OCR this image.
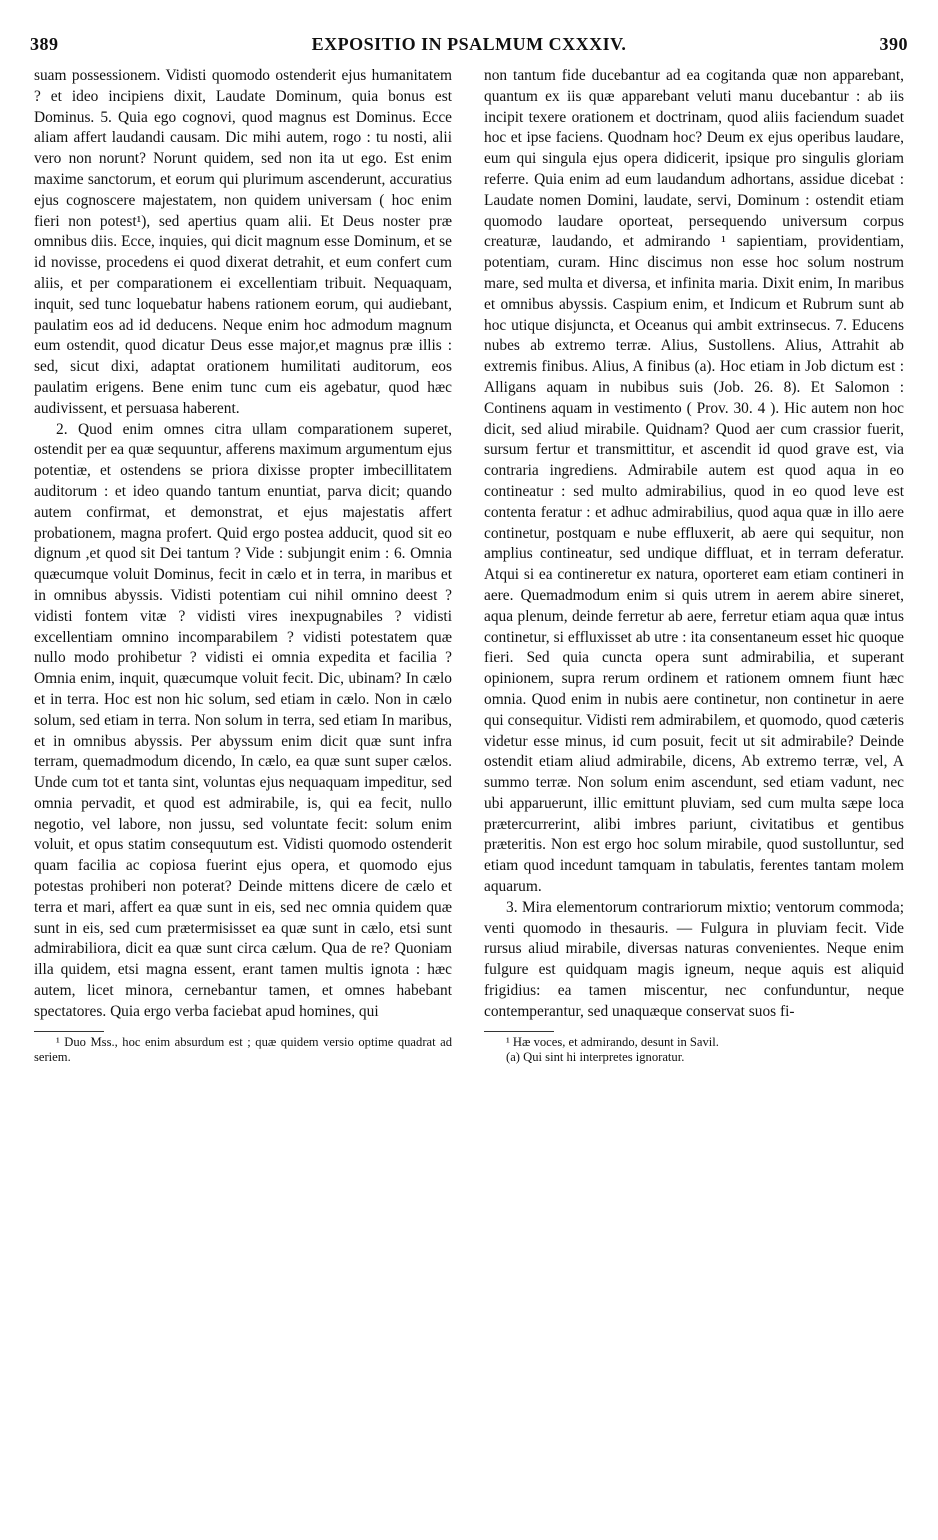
389	EXPOSITIO IN PSALMUM CXXXIV.	390

suam possessionem. Vidisti quomodo ostenderit ejus humanitatem ? et ideo incipiens dixit, Laudate Dominum, quia bonus est Dominus. 5. Quia ego cognovi, quod magnus est Dominus. Ecce aliam affert laudandi causam. Dic mihi autem, rogo : tu nosti, alii vero non norunt? Norunt quidem, sed non ita ut ego. Est enim maxime sanctorum, et eorum qui plurimum ascenderunt, accuratius ejus cognoscere majestatem, non quidem universam ( hoc enim fieri non potest¹), sed apertius quam alii. Et Deus noster præ omnibus diis. Ecce, inquies, qui dicit magnum esse Dominum, et se id novisse, procedens ei quod dixerat detrahit, et eum confert cum aliis, et per comparationem ei excellentiam tribuit. Nequaquam, inquit, sed tunc loquebatur habens rationem eorum, qui audiebant, paulatim eos ad id deducens. Neque enim hoc admodum magnum eum ostendit, quod dicatur Deus esse major,et magnus præ illis : sed, sicut dixi, adaptat orationem humilitati auditorum, eos paulatim erigens. Bene enim tunc cum eis agebatur, quod hæc audivissent, et persuasa haberent.

2. Quod enim omnes citra ullam comparationem superet, ostendit per ea quæ sequuntur, afferens maximum argumentum ejus potentiæ, et ostendens se priora dixisse propter imbecillitatem auditorum : et ideo quando tantum enuntiat, parva dicit; quando autem confirmat, et demonstrat, et ejus majestatis affert probationem, magna profert. Quid ergo postea adducit, quod sit eo dignum ,et quod sit Dei tantum ? Vide : subjungit enim : 6. Omnia quæcumque voluit Dominus, fecit in cælo et in terra, in maribus et in omnibus abyssis. Vidisti potentiam cui nihil omnino deest ? vidisti fontem vitæ ? vidisti vires inexpugnabiles ? vidisti excellentiam omnino incomparabilem ? vidisti potestatem quæ nullo modo prohibetur ? vidisti ei omnia expedita et facilia ? Omnia enim, inquit, quæcumque voluit fecit. Dic, ubinam? In cælo et in terra. Hoc est non hic solum, sed etiam in cælo. Non in cælo solum, sed etiam in terra. Non solum in terra, sed etiam In maribus, et in omnibus abyssis. Per abyssum enim dicit quæ sunt infra terram, quemadmodum dicendo, In cælo, ea quæ sunt super cælos. Unde cum tot et tanta sint, voluntas ejus nequaquam impeditur, sed omnia pervadit, et quod est admirabile, is, qui ea fecit, nullo negotio, vel labore, non jussu, sed voluntate fecit: solum enim voluit, et opus statim consequutum est. Vidisti quomodo ostenderit quam facilia ac copiosa fuerint ejus opera, et quomodo ejus potestas prohiberi non poterat? Deinde mittens dicere de cælo et terra et mari, affert ea quæ sunt in eis, sed nec omnia quidem quæ sunt in eis, sed cum prætermisisset ea quæ sunt in cælo, etsi sunt admirabiliora, dicit ea quæ sunt circa cælum. Qua de re? Quoniam illa quidem, etsi magna essent, erant tamen multis ignota : hæc autem, licet minora, cernebantur tamen, et omnes habebant spectatores. Quia ergo verba faciebat apud homines, qui

¹ Duo Mss., hoc enim absurdum est ; quæ quidem versio optime quadrat ad seriem.

non tantum fide ducebantur ad ea cogitanda quæ non apparebant, quantum ex iis quæ apparebant veluti manu ducebantur : ab iis incipit texere orationem et doctrinam, quod aliis faciendum suadet hoc et ipse faciens. Quodnam hoc? Deum ex ejus operibus laudare, eum qui singula ejus opera didicerit, ipsique pro singulis gloriam referre. Quia enim ad eum laudandum adhortans, assidue dicebat : Laudate nomen Domini, laudate, servi, Dominum : ostendit etiam quomodo laudare oporteat, persequendo universum corpus creaturæ, laudando, et admirando ¹ sapientiam, providentiam, potentiam, curam. Hinc discimus non esse hoc solum nostrum mare, sed multa et diversa, et infinita maria. Dixit enim, In maribus et omnibus abyssis. Caspium enim, et Indicum et Rubrum sunt ab hoc utique disjuncta, et Oceanus qui ambit extrinsecus. 7. Educens nubes ab extremo terræ. Alius, Sustollens. Alius, Attrahit ab extremis finibus. Alius, A finibus (a). Hoc etiam in Job dictum est : Alligans aquam in nubibus suis (Job. 26. 8). Et Salomon : Continens aquam in vestimento ( Prov. 30. 4 ). Hic autem non hoc dicit, sed aliud mirabile. Quidnam? Quod aer cum crassior fuerit, sursum fertur et transmittitur, et ascendit id quod grave est, via contraria ingrediens. Admirabile autem est quod aqua in eo contineatur : sed multo admirabilius, quod in eo quod leve est contenta feratur : et adhuc admirabilius, quod aqua quæ in illo aere continetur, postquam e nube effluxerit, ab aere qui sequitur, non amplius contineatur, sed undique diffluat, et in terram deferatur. Atqui si ea contineretur ex natura, oporteret eam etiam contineri in aere. Quemadmodum enim si quis utrem in aerem abire sineret, aqua plenum, deinde ferretur ab aere, ferretur etiam aqua quæ intus continetur, si effluxisset ab utre : ita consentaneum esset hic quoque fieri. Sed quia cuncta opera sunt admirabilia, et superant opinionem, supra rerum ordinem et rationem omnem fiunt hæc omnia. Quod enim in nubis aere continetur, non continetur in aere qui consequitur. Vidisti rem admirabilem, et quomodo, quod cæteris videtur esse minus, id cum posuit, fecit ut sit admirabile? Deinde ostendit etiam aliud admirabile, dicens, Ab extremo terræ, vel, A summo terræ. Non solum enim ascendunt, sed etiam vadunt, nec ubi apparuerunt, illic emittunt pluviam, sed cum multa sæpe loca prætercurrerint, alibi imbres pariunt, civitatibus et gentibus præteritis. Non est ergo hoc solum mirabile, quod sustolluntur, sed etiam quod incedunt tamquam in tabulatis, ferentes tantam molem aquarum.

3. Mira elementorum contrariorum mixtio; ventorum commoda; venti quomodo in thesauris. — Fulgura in pluviam fecit. Vide rursus aliud mirabile, diversas naturas convenientes. Neque enim fulgure est quidquam magis igneum, neque aquis est aliquid frigidius: ea tamen miscentur, nec confunduntur, neque contemperantur, sed unaquæque conservat suos fi-

¹ Hæ voces, et admirando, desunt in Savil.

(a) Qui sint hi interpretes ignoratur.
